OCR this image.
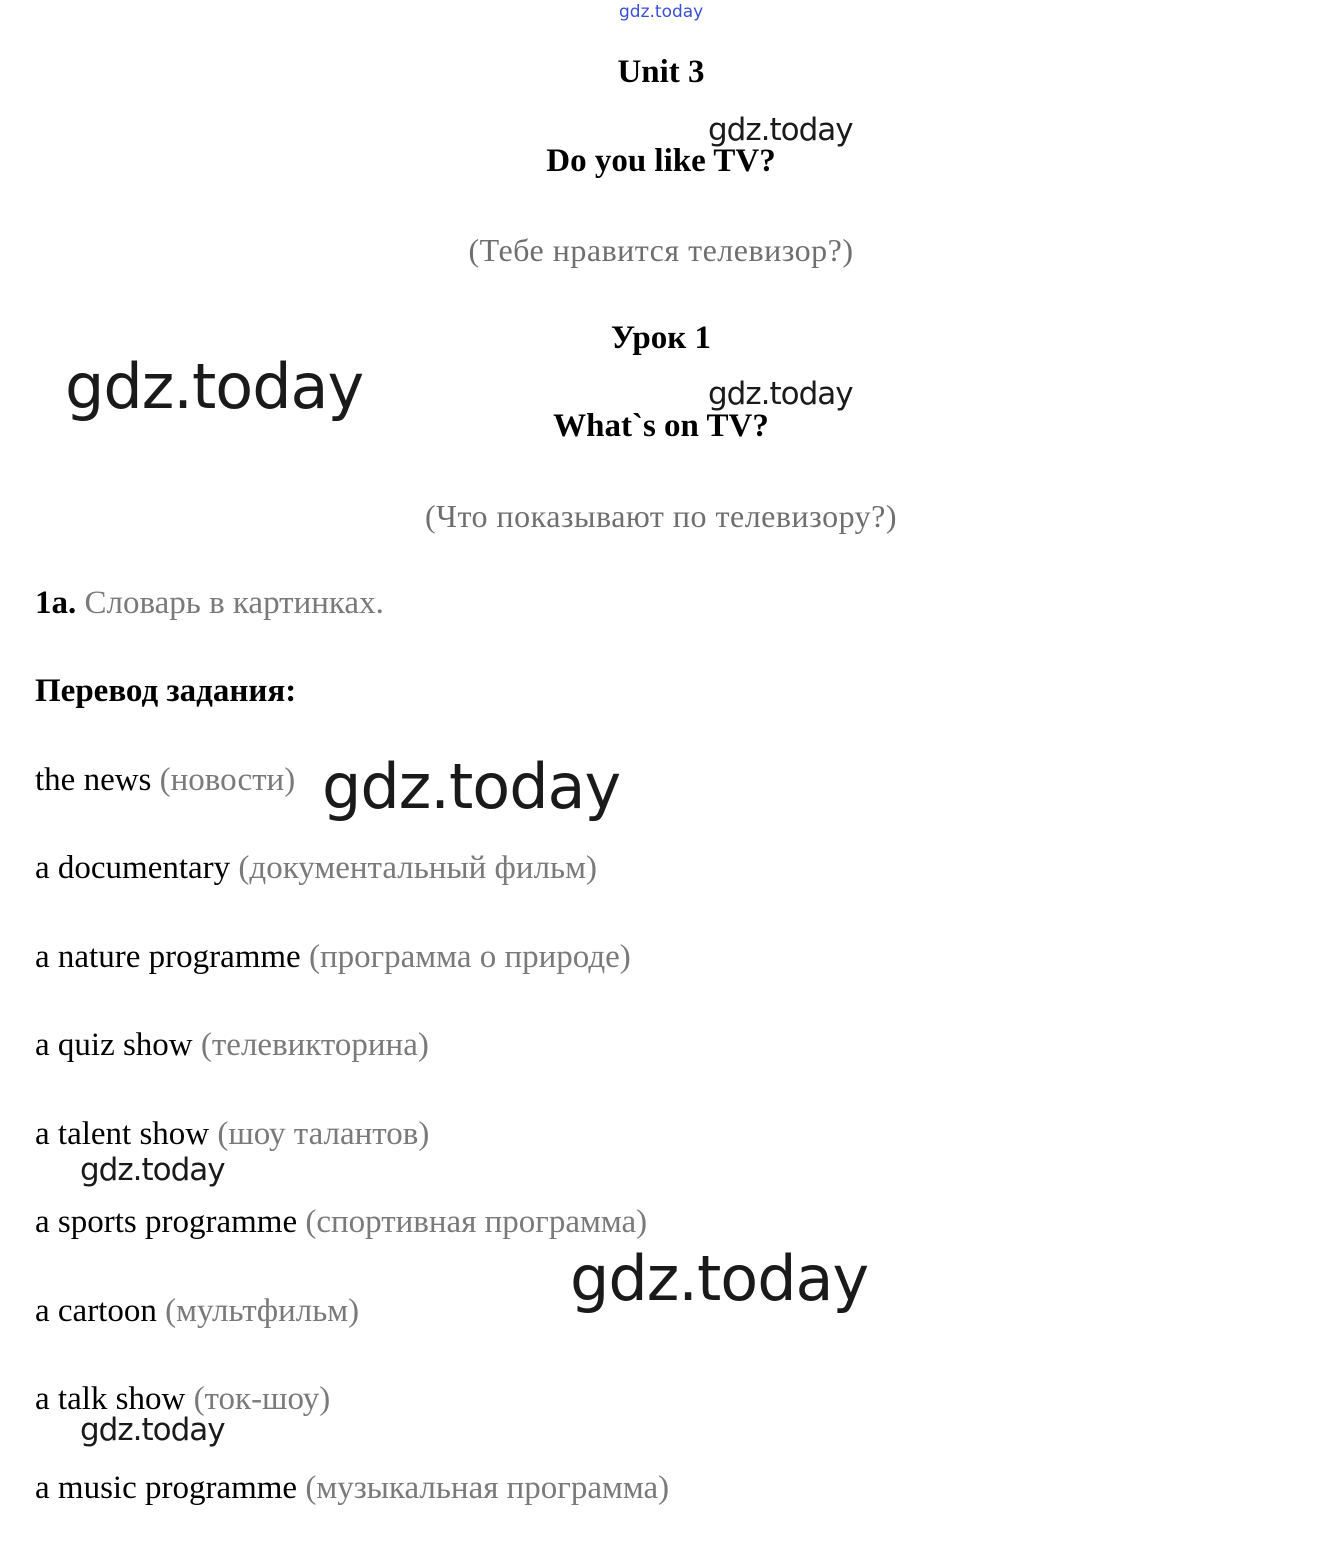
gdz.today
gdz.today
gdz.today	gdz.today
gdz.today
gdz.today
gdz.today
gdz.today
Unit 3
Do you like TV?
(Тебе нравится телевизор?)
Урок 1
What`s on TV?
(Что показывают по телевизору?)
1a. Словарь в картинках.
Перевод задания:
the news (новости)
a documentary (документальный фильм)
a nature programme (программа о природе)
a quiz show (телевикторина)
a talent show (шоу талантов)
a sports programme (спортивная программа)
a cartoon (мультфильм)
a talk show (ток-шоу)
a music programme (музыкальная программа)
